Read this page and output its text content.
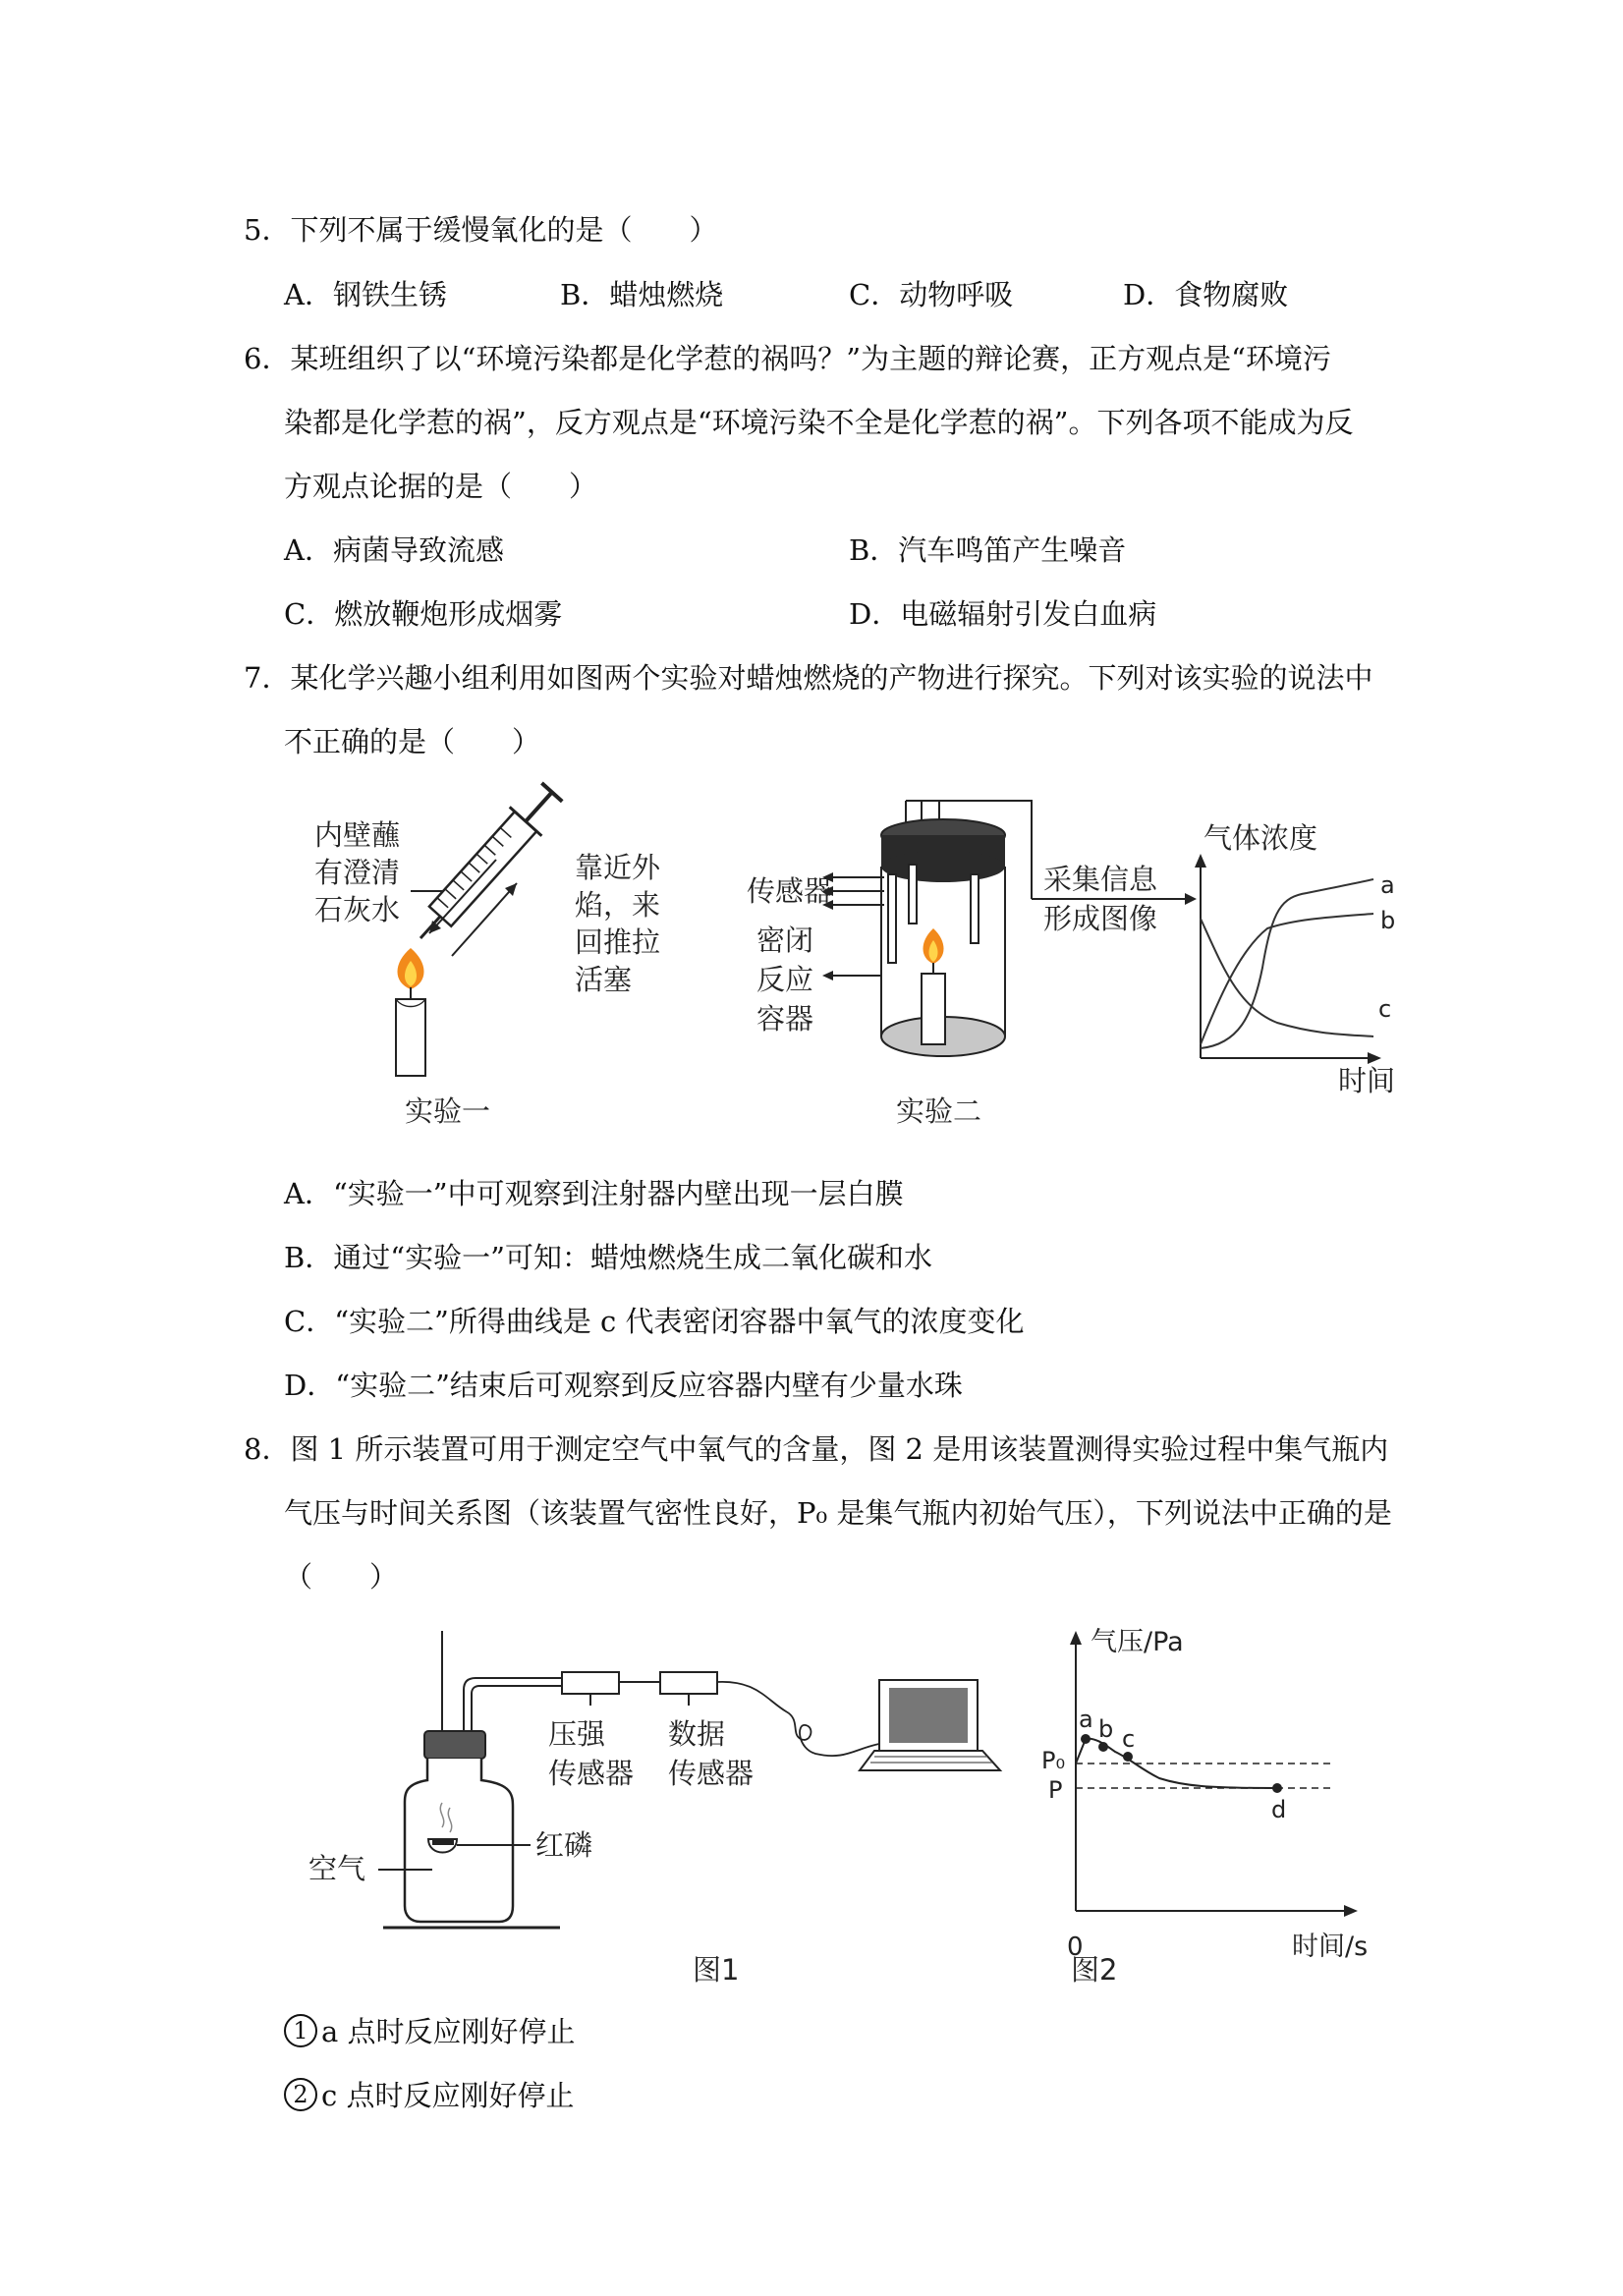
5．下列不属于缓慢氧化的是（　　）
A．钢铁生锈	B．蜡烛燃烧	C．动物呼吸	D．食物腐败
6．某班组织了以“环境污染都是化学惹的祸吗？”为主题的辩论赛，正方观点是“环境污
染都是化学惹的祸”，反方观点是“环境污染不全是化学惹的祸”。下列各项不能成为反
方观点论据的是（　　）
A．病菌导致流感	B．汽车鸣笛产生噪音
C．燃放鞭炮形成烟雾	D．电磁辐射引发白血病
7．某化学兴趣小组利用如图两个实验对蜡烛燃烧的产物进行探究。下列对该实验的说法中
不正确的是（　　）
内壁蘸
有澄清
石灰水
靠近外
焰，来
回推拉
活塞
实验一
传感器
密闭
反应
容器
采集信息
形成图像
实验二
气体浓度
时间
a
b
c
A．“实验一”中可观察到注射器内壁出现一层白膜
B．通过“实验一”可知：蜡烛燃烧生成二氧化碳和水
C．“实验二”所得曲线是 c 代表密闭容器中氧气的浓度变化
D．“实验二”结束后可观察到反应容器内壁有少量水珠
8．图 1 所示装置可用于测定空气中氧气的含量，图 2 是用该装置测得实验过程中集气瓶内
气压与时间关系图（该装置气密性良好，P₀ 是集气瓶内初始气压），下列说法中正确的是
（　　）
红磷
空气
压强
传感器
数据
传感器
图1
气压/Pa
时间/s
0
P₀
P
a b c
d
图2
1 a 点时反应刚好停止
2 c 点时反应刚好停止
